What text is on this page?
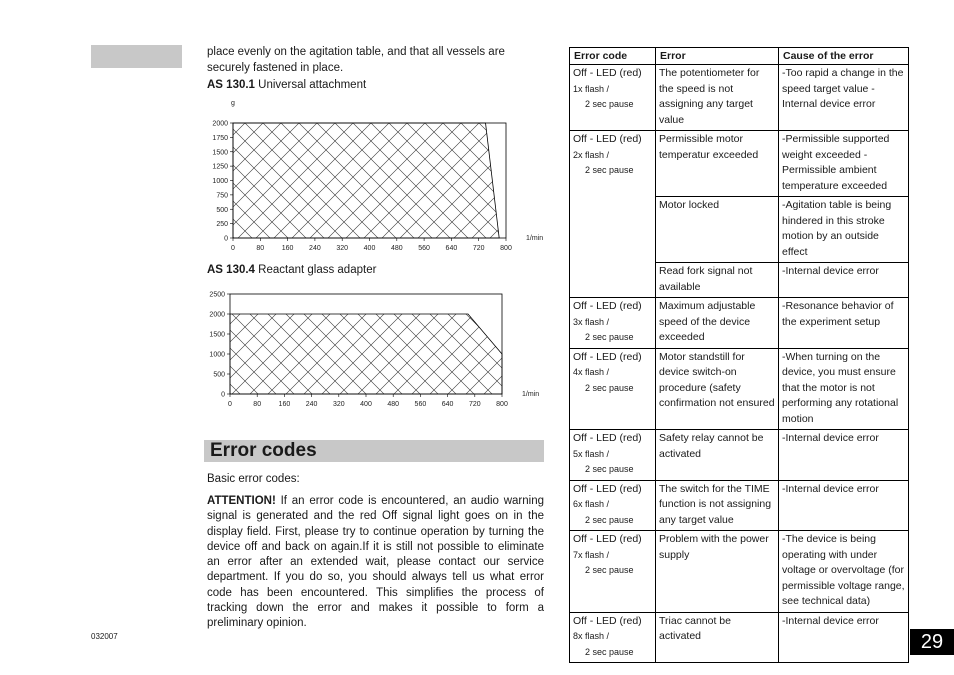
place evenly on the agitation table, and that all vessels are securely fastened in place.
AS 130.1 Universal attachment
0
250
500
750
1000
1250
1500
1750
2000
0	80	160 240 320 400 480 560 640 720 800
g
1/min
AS 130.4 Reactant glass adapter
0
500
1000
1500
2000
2500
0	80 160 240 320 400 480 560 640 720 800
1/min
Error codes
Basic error codes:
ATTENTION! If an error code is encountered, an audio warning signal is generated and the red Off signal light goes on in the display field. First, please try to continue operation by turning the device off and back on again.If it is still not possible to eliminate an error after an extended wait, please contact our service department. If you do so, you should always tell us what error code has been encountered. This simplifies the process of tracking down the error and makes it possible to form a preliminary opinion.
032007	29
Error code	Error	Cause of the error

Off - LED (red)
1x flash /
2 sec pause	The potentiometer for the speed is not assigning any target value	-Too rapid a change in the speed target value -Internal device error

Off - LED (red)
2x flash /
2 sec pause	Permissible motor temperatur exceeded	-Permissible supported weight exceeded -Permissible ambient temperature exceeded
	Motor locked	-Agitation table is being hindered in this stroke motion by an outside effect
	Read fork signal not available	-Internal device error

Off - LED (red)
3x flash /
2 sec pause	Maximum adjustable speed of the device exceeded	-Resonance behavior of the experiment setup

Off - LED (red)
4x flash /
2 sec pause	Motor standstill for device switch-on procedure (safety confirmation not ensured	-When turning on the device, you must ensure that the motor is not performing any rotational motion

Off - LED (red)
5x flash /
2 sec pause	Safety relay cannot be activated	-Internal device error

Off - LED (red)
6x flash /
2 sec pause	The switch for the TIME function is not assigning any target value	-Internal device error

Off - LED (red)
7x flash /
2 sec pause	Problem with the power supply	-The device is being operating with under voltage or overvoltage (for permissible voltage range, see technical data)

Off - LED (red)
8x flash /
2 sec pause	Triac cannot be activated	-Internal device error
